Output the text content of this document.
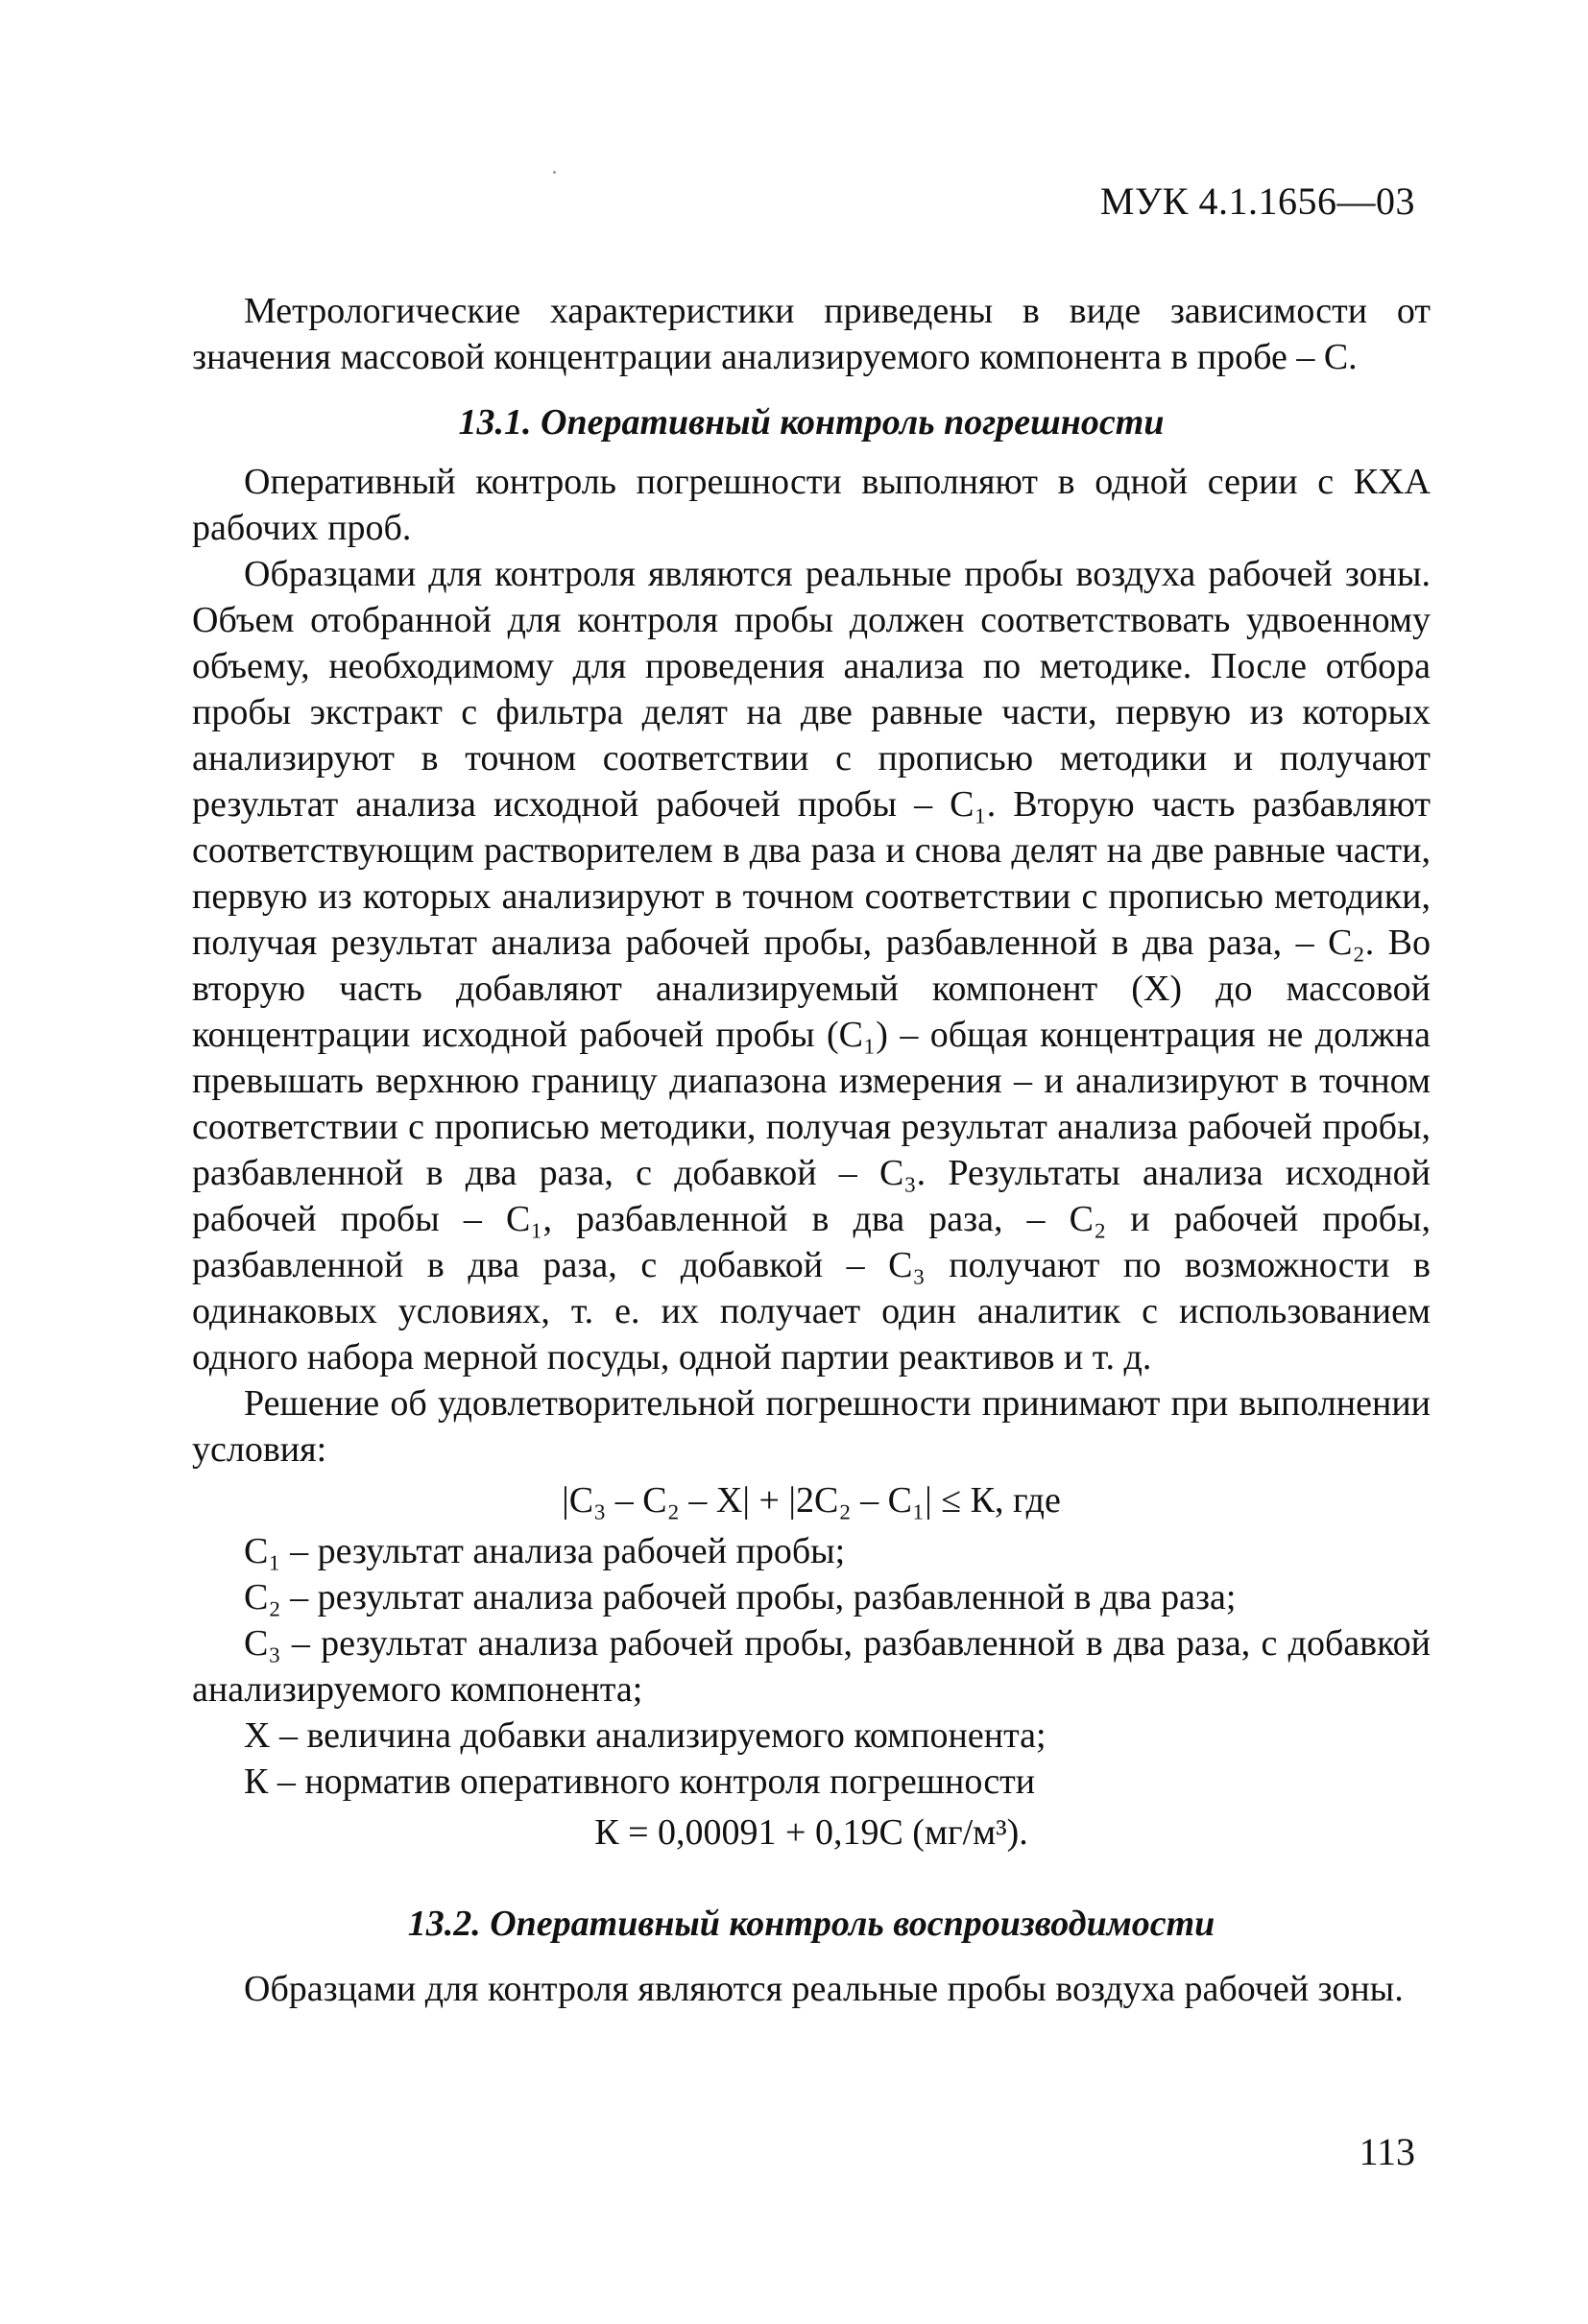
МУК 4.1.1656—03

Метрологические характеристики приведены в виде зависимости от значения массовой концентрации анализируемого компонента в пробе – С.

13.1. Оперативный контроль погрешности

Оперативный контроль погрешности выполняют в одной серии с КХА рабочих проб.

Образцами для контроля являются реальные пробы воздуха рабочей зоны. Объем отобранной для контроля пробы должен соответствовать удвоенному объему, необходимому для проведения анализа по методике. После отбора пробы экстракт с фильтра делят на две равные части, первую из которых анализируют в точном соответствии с прописью методики и получают результат анализа исходной рабочей пробы – С₁. Вторую часть разбавляют соответствующим растворителем в два раза и снова делят на две равные части, первую из которых анализируют в точном соответствии с прописью методики, получая результат анализа рабочей пробы, разбавленной в два раза, – С₂. Во вторую часть добавляют анализируемый компонент (Х) до массовой концентрации исходной рабочей пробы (С₁) – общая концентрация не должна превышать верхнюю границу диапазона измерения – и анализируют в точном соответствии с прописью методики, получая результат анализа рабочей пробы, разбавленной в два раза, с добавкой – С₃. Результаты анализа исходной рабочей пробы – С₁, разбавленной в два раза, – С₂ и рабочей пробы, разбавленной в два раза, с добавкой – С₃ получают по возможности в одинаковых условиях, т. е. их получает один аналитик с использованием одного набора мерной посуды, одной партии реактивов и т. д.

Решение об удовлетворительной погрешности принимают при выполнении условия:

|С₃ – С₂ – Х| + |2С₂ – С₁| ≤ К, где

С₁ – результат анализа рабочей пробы;

С₂ – результат анализа рабочей пробы, разбавленной в два раза;

С₃ – результат анализа рабочей пробы, разбавленной в два раза, с добавкой анализируемого компонента;

Х – величина добавки анализируемого компонента;

К – норматив оперативного контроля погрешности

К = 0,00091 + 0,19С (мг/м³).

13.2. Оперативный контроль воспроизводимости

Образцами для контроля являются реальные пробы воздуха рабочей зоны.

113
